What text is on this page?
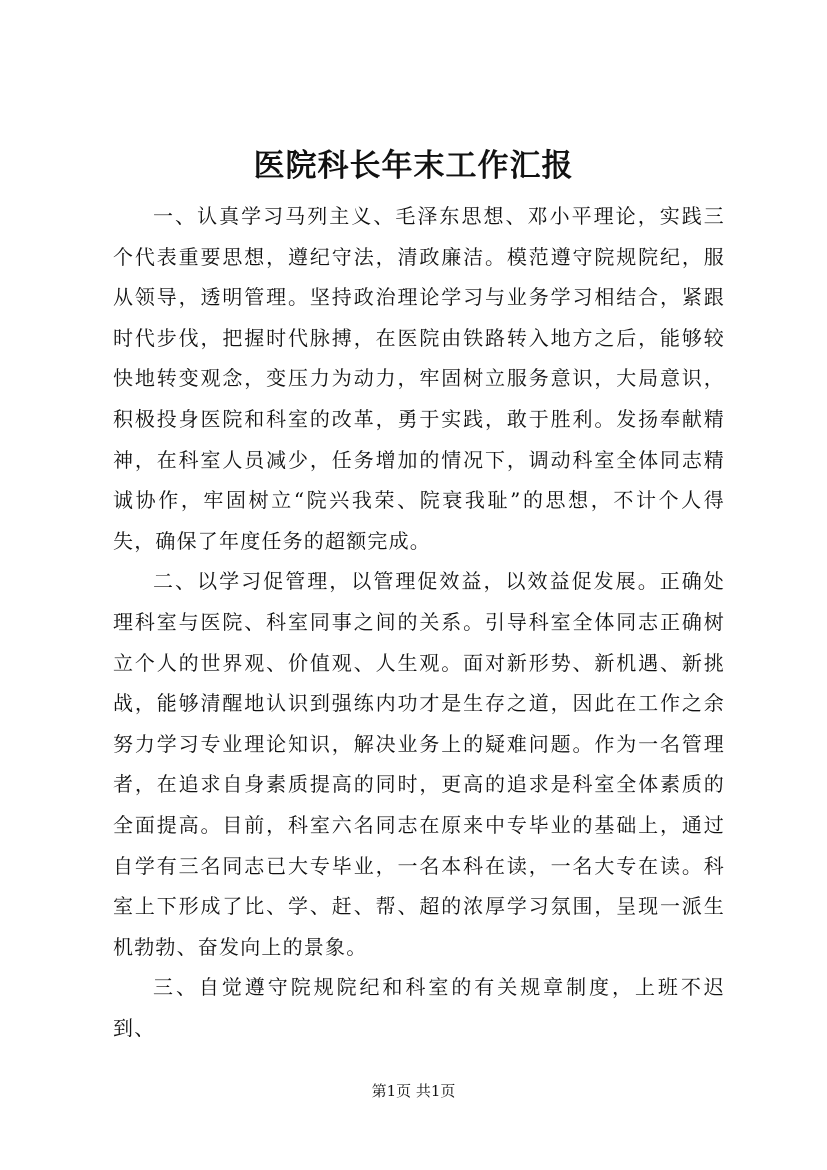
医院科长年末工作汇报

一、认真学习马列主义、毛泽东思想、邓小平理论，实践三个代表重要思想，遵纪守法，清政廉洁。模范遵守院规院纪，服从领导，透明管理。坚持政治理论学习与业务学习相结合，紧跟时代步伐，把握时代脉搏，在医院由铁路转入地方之后，能够较快地转变观念，变压力为动力，牢固树立服务意识，大局意识，积极投身医院和科室的改革，勇于实践，敢于胜利。发扬奉献精神，在科室人员减少，任务增加的情况下，调动科室全体同志精诚协作，牢固树立“院兴我荣、院衰我耻”的思想，不计个人得失，确保了年度任务的超额完成。

二、以学习促管理，以管理促效益，以效益促发展。正确处理科室与医院、科室同事之间的关系。引导科室全体同志正确树立个人的世界观、价值观、人生观。面对新形势、新机遇、新挑战，能够清醒地认识到强练内功才是生存之道，因此在工作之余努力学习专业理论知识，解决业务上的疑难问题。作为一名管理者，在追求自身素质提高的同时，更高的追求是科室全体素质的全面提高。目前，科室六名同志在原来中专毕业的基础上，通过自学有三名同志已大专毕业，一名本科在读，一名大专在读。科室上下形成了比、学、赶、帮、超的浓厚学习氛围，呈现一派生机勃勃、奋发向上的景象。

三、自觉遵守院规院纪和科室的有关规章制度，上班不迟到、

第1页 共1页
